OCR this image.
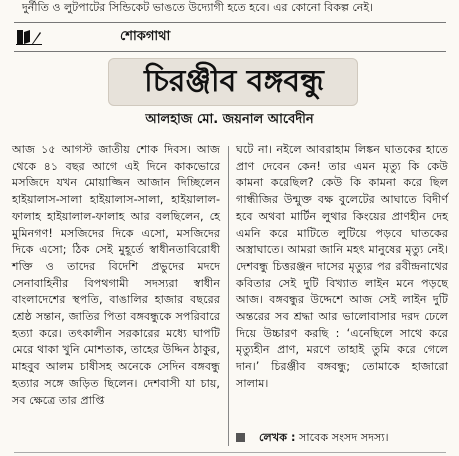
দুর্নীতি ও লুটপাটের সিন্ডিকেট ভাঙতে উদ্যোগী হতে হবে। এর কোনো বিকল্প নেই।
শোকগাথা
চিরঞ্জীব বঙ্গবন্ধু
আলহাজ মো. জয়নাল আবেদীন
আজ ১৫ আগস্ট জাতীয় শোক দিবস। আজ থেকে ৪১ বছর আগে এই দিনে কাকভোরে মসজিদে যখন মোয়াজ্জিন আজান দিচ্ছিলেন হাইয়ালাস-সালা হাইয়ালাস-সালা, হাইয়ালাল-ফালাহ হাইয়ালাল-ফালাহ আর বলছিলেন, হে মুমিনগণ! মসজিদের দিকে এসো, মসজিদের দিকে এসো; ঠিক সেই মুহূর্তে স্বাধীনতাবিরোধী শক্তি ও তাদের বিদেশি প্রভুদের মদদে সেনাবাহিনীর বিপথগামী সদস্যরা স্বাধীন বাংলাদেশের স্থপতি, বাঙালির হাজার বছরের শ্রেষ্ঠ সন্তান, জাতির পিতা বঙ্গবন্ধুকে সপরিবারে হত্যা করে। তৎকালীন সরকারের মধ্যে ঘাপটি মেরে থাকা খুনি মোশতাক, তাহের উদ্দিন ঠাকুর, মাহবুব আলম চাষীসহ অনেকে সেদিন বঙ্গবন্ধু হত্যার সঙ্গে জড়িত ছিলেন। দেশবাসী যা চায়, সব ক্ষেত্রে তার প্রাপ্তি
ঘটে না। নইলে আবরাহাম লিঙ্কন ঘাতকের হাতে প্রাণ দেবেন কেন! তার এমন মৃত্যু কি কেউ কামনা করেছিল? কেউ কি কামনা করে ছিল গান্ধীজির উন্মুক্ত বক্ষ বুলেটের আঘাতে বিদীর্ণ হবে অথবা মার্টিন লুথার কিংয়ের প্রাণহীন দেহ এমনি করে মাটিতে লুটিয়ে পড়বে ঘাতকের অস্ত্রাঘাতে। আমরা জানি মহৎ মানুষের মৃত্যু নেই। দেশবন্ধু চিত্তরঞ্জন দাসের মৃত্যুর পর রবীন্দ্রনাথের কবিতার সেই দুটি বিখ্যাত লাইন মনে পড়ছে আজ। বঙ্গবন্ধুর উদ্দেশে আজ সেই লাইন দুটি অন্তরের সব শ্রদ্ধা আর ভালোবাসার দরদ ঢেলে দিয়ে উচ্চারণ করছি : ‘এনেছিলে সাথে করে মৃত্যুহীন প্রাণ, মরণে তাহাই তুমি করে গেলে দান।’ চিরঞ্জীব বঙ্গবন্ধু; তোমাকে হাজারো সালাম।
লেখক : সাবেক সংসদ সদস্য।
